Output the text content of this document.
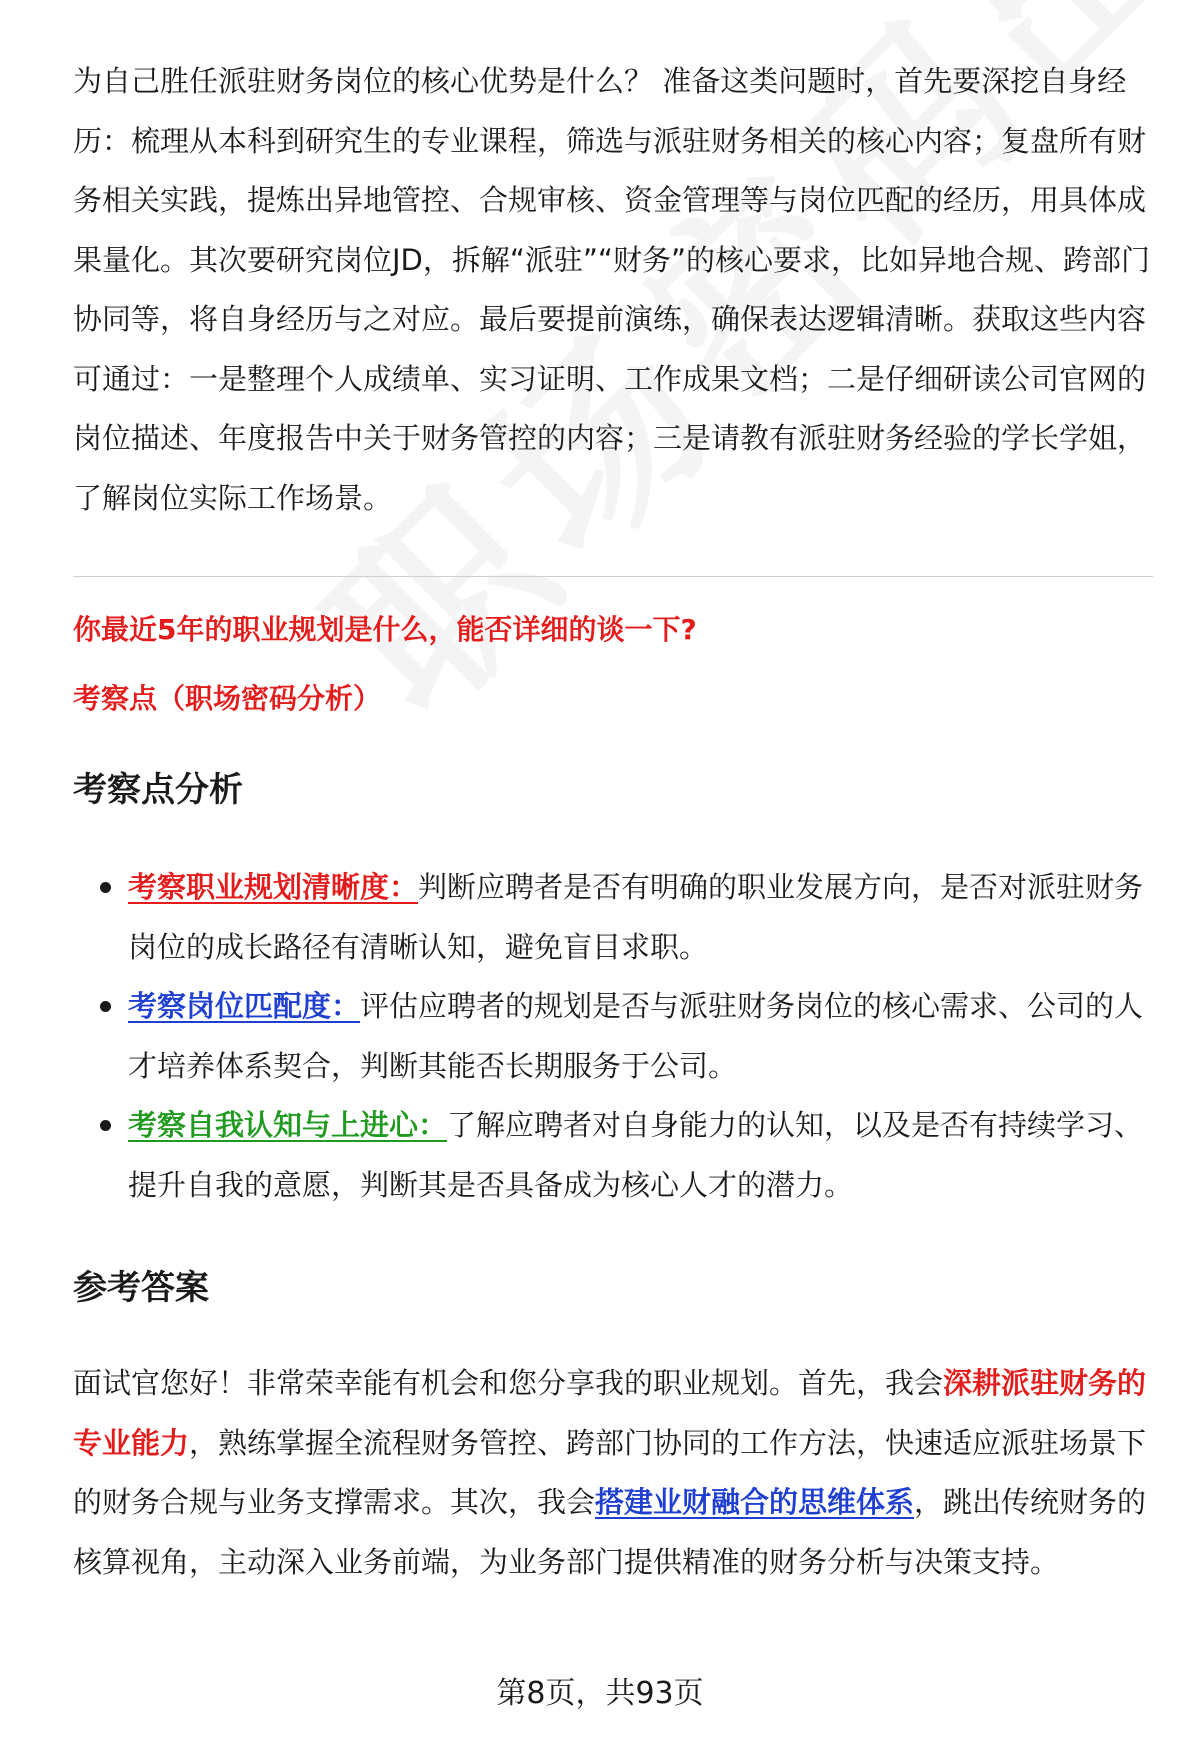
为自己胜任派驻财务岗位的核心优势是什么？ 准备这类问题时，首先要深挖自身经历：梳理从本科到研究生的专业课程，筛选与派驻财务相关的核心内容；复盘所有财务相关实践，提炼出异地管控、合规审核、资金管理等与岗位匹配的经历，用具体成果量化。其次要研究岗位JD，拆解“派驻”“财务”的核心要求，比如异地合规、跨部门协同等，将自身经历与之对应。最后要提前演练，确保表达逻辑清晰。获取这些内容可通过：一是整理个人成绩单、实习证明、工作成果文档；二是仔细研读公司官网的岗位描述、年度报告中关于财务管控的内容；三是请教有派驻财务经验的学长学姐，了解岗位实际工作场景。

你最近5年的职业规划是什么，能否详细的谈一下?

考察点（职场密码分析）

考察点分析
考察职业规划清晰度：判断应聘者是否有明确的职业发展方向，是否对派驻财务岗位的成长路径有清晰认知，避免盲目求职。
考察岗位匹配度：评估应聘者的规划是否与派驻财务岗位的核心需求、公司的人才培养体系契合，判断其能否长期服务于公司。
考察自我认知与上进心：了解应聘者对自身能力的认知，以及是否有持续学习、提升自我的意愿，判断其是否具备成为核心人才的潜力。
参考答案

面试官您好！非常荣幸能有机会和您分享我的职业规划。首先，我会深耕派驻财务的专业能力，熟练掌握全流程财务管控、跨部门协同的工作方法，快速适应派驻场景下的财务合规与业务支撑需求。其次，我会搭建业财融合的思维体系，跳出传统财务的核算视角，主动深入业务前端，为业务部门提供精准的财务分析与决策支持。

第8页，共93页
